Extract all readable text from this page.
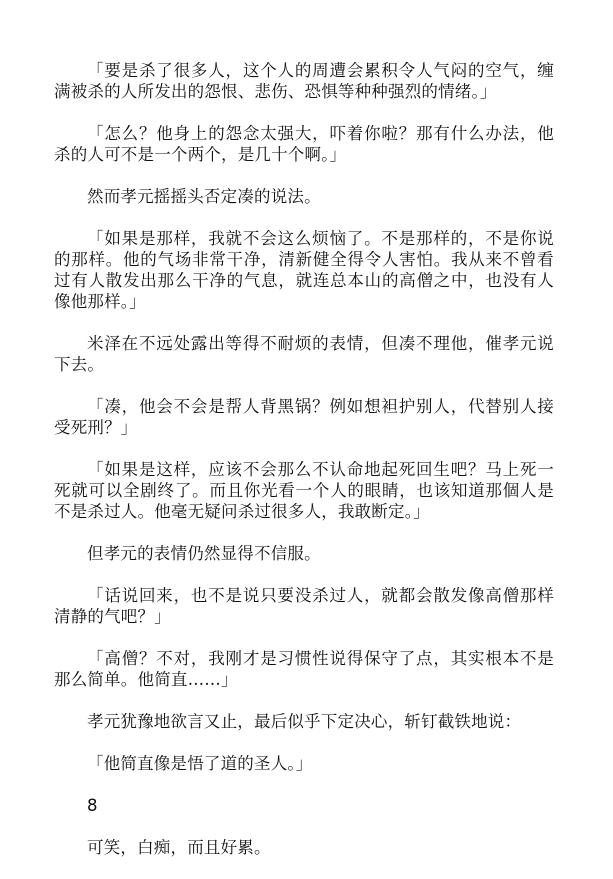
「要是杀了很多人，这个人的周遭会累积令人气闷的空气，缠满被杀的人所发出的怨恨、悲伤、恐惧等种种强烈的情绪。」

「怎么？他身上的怨念太强大，吓着你啦？那有什么办法，他杀的人可不是一个两个，是几十个啊。」

然而孝元摇摇头否定凑的说法。

「如果是那样，我就不会这么烦恼了。不是那样的，不是你说的那样。他的气场非常干净，清新健全得令人害怕。我从来不曾看过有人散发出那么干净的气息，就连总本山的高僧之中，也没有人像他那样。」

米泽在不远处露出等得不耐烦的表情，但凑不理他，催孝元说下去。

「凑，他会不会是帮人背黑锅？例如想袒护别人，代替别人接受死刑？」

「如果是这样，应该不会那么不认命地起死回生吧？马上死一死就可以全剧终了。而且你光看一个人的眼睛，也该知道那個人是不是杀过人。他毫无疑问杀过很多人，我敢断定。」

但孝元的表情仍然显得不信服。

「话说回来，也不是说只要没杀过人，就都会散发像高僧那样清静的气吧？」

「高僧？不对，我刚才是习惯性说得保守了点，其实根本不是那么简单。他简直……」

孝元犹豫地欲言又止，最后似乎下定决心，斩钉截铁地说：

「他简直像是悟了道的圣人。」

8

可笑，白痴，而且好累。
